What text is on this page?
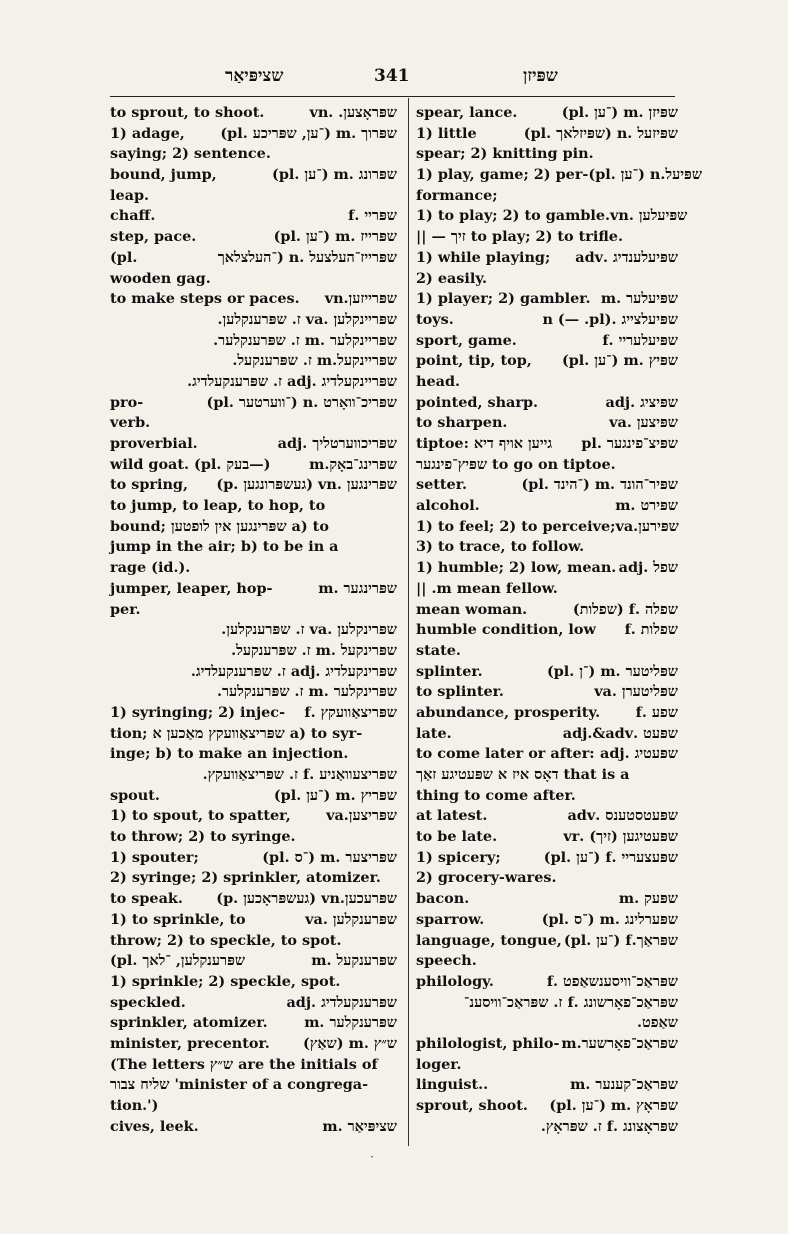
שציפּיאַר	341	שפּיזן
to sprout, to shoot.	שפּראָצען. .vn
1) adage, שפּרוך .m (־ען, שפּריכע .pl)
saying; 2) sentence.
bound, jump,	שפּרונג .m (־ען .pl)
leap.
chaff.	שפּריי .f
step, pace.	שפּרייז .m (־ען .pl)
(pl.	שפּרייז־העלצעל .n (־העלצלאך
wooden gag.
to make steps or paces. שפּרייזען.vn
שפּריינקלען .va ז. שפּרענקלען.
שפּריינקלער .m ז. שפּרענקלער.
שפּריינקעל.m ז. שפּרענקעל.
שפּריינקעלדיג .adj ז. שפּרענקעלדיג.
pro-	שפּריכ־וואָרט .n (־ווערטער .pl)
verb.
proverbial.	שפּריכווערטליך .adj
wild goat. (pl. בעק—)	שפּרינג־באָק.m
to spring, שפּרינגען .vn (געשפּרונגען .p)
to jump, to leap, to hop, to
bound; שפּרינגען אין לופטען a) to
jump in the air; b) to be in a
rage (id.).
jumper, leaper, hop-	שפּרינגער .m
per.
שפּרינקלען .va ז. שפּרענקלען.
שפּרינקעל .m ז. שפּרענקעל.
שפּרינקעלדיג .adj ז. שפּרענקעלדיג.
שפּרינקלער .m ז. שפּרענקלער.
1) syringing; 2) injec- שפּריצאַוועקץ .f
tion; שפּריצאַוועקץ מאַכען א a) to syr-
inge; b) to make an injection.
שפּריצעוואַניע .f ז. שפּריצאַוועקץ.
spout.	שפּריץ .m (־ען .pl)
1) to spout, to spatter, שפּריצען.va
to throw; 2) to syringe.
1) spouter;	שפּריצער .m (־ס .pl)
2) syringe; 2) sprinkler, atomizer.
to speak. שפּרעכען.vn (געשפּראָכען .p)
1) to sprinkle, to	שפּרענקלען .va
throw; 2) to speckle, to spot.
(pl. שפּרענקלען, ־לאך	שפּרענקעל .m
1) sprinkle; 2) speckle, spot.
speckled.	שפּרענקעלדיג .adj
sprinkler, atomizer.	שפּרענקלער .m
minister, precentor. ש״ץ .m (שאַץ)
(The letters ש״ץ are the initials of
שליח צבור 'minister of a congrega-
tion.')
cives, leek.	שציפּיאַר .m
spear, lance.	שפּיזן .m (־ען .pl)
1) little	שפּיזעל .n (שפּיזלאך .pl)
spear; 2) knitting pin.
1) play, game; 2) per- שפּיעל.n (־ען .pl)
formance;
1) to play; 2) to gamble. שפּיעלען .vn
|| — זיך to play; 2) to trifle.
1) while playing; שפּיעלענדיג .adv
2) easily.
1) player; 2) gambler. שפּיעלער .m
toys.	שפּיעלצייג .n (— .pl)
sport, game.	שפּיעלעריי .f
point, tip, top, שפּיץ .m (־ען .pl)
head.
pointed, sharp.	שפּיציג .adj
to sharpen.	שפּיצען .va
tiptoe: גייען אויף דיא שפּיצ־פינגער .pl
שפּיץ־פינגער to go on tiptoe.
setter.	שפּיר־הונד .m (־הינד .pl)
alcohol.	שפּירט .m
1) to feel; 2) to perceive; שפּירען.va
3) to trace, to follow.
1) humble; 2) low, mean. שפל .adj
|| .m mean fellow.
mean woman.	שפלה .f (שפלות)
humble condition, low שפלות .f
state.
splinter.	שפּליטער .m (־ן .pl)
to splinter.	שפּליטערן .va
abundance, prosperity. שפע .f
late.	שפּעט .adj.&adv
to come later or after: שפּעטיג .adj
דאָס איז א שפּעטיגע זאַך that is a
thing to come after.
at latest.	שפּעטסטענס .adv
to be late.	שפּעטיגען (זיך) .vr
1) spicery;	שפּעצעריי .f (־ען .pl)
2) grocery-wares.
bacon.	שפּעק .m
sparrow.	שפּערלינג .m (־ס .pl)
language, tongue, שפּראַך.f (־ען .pl)
speech.
philology.	שפּראַכ־וויסענשאַפט .f
שפּראַכ־פאָרשונג .f ז. שפּראַכ־וויסענ־
שאַפט.
philologist, philo- שפּראַכ־פאָרשער.m
loger.
linguist..	שפּראַכ־קענער .m
sprout, shoot. שפּראָץ .m (־ען .pl)
שפּראָצונג .f ז. שפּראָץ.
·
